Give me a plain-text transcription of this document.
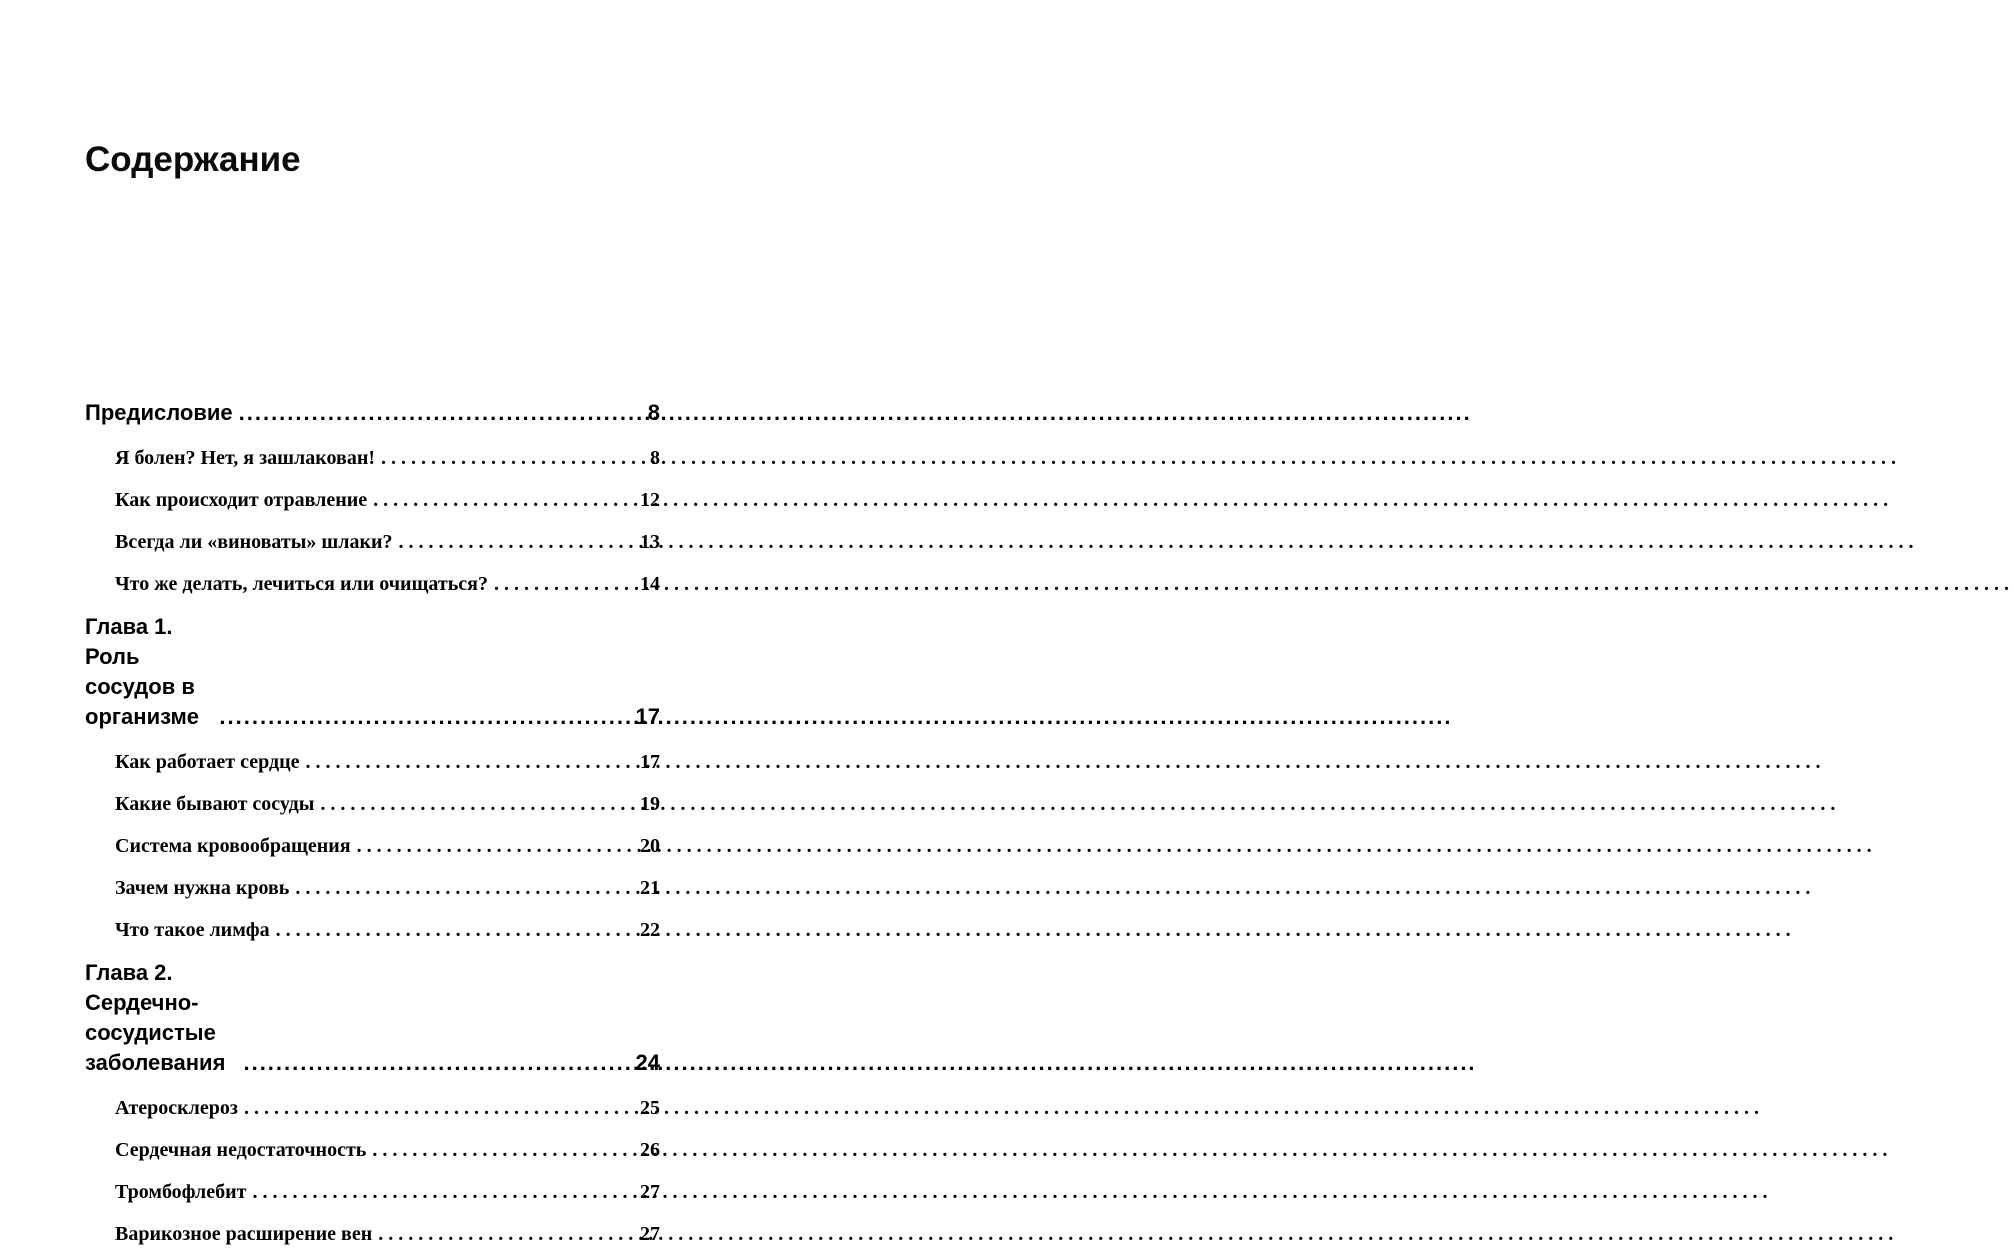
Содержание
Предисловие .....	8
Я болен? Нет, я зашлакован! .....	8
Как происходит отравление .....	12
Всегда ли «виноваты» шлаки? .....	13
Что же делать, лечиться или очищаться? .....	14
Глава 1. Роль сосудов в организме .....	17
Как работает сердце .....	17
Какие бывают сосуды .....	19
Система кровообращения .....	20
Зачем нужна кровь .....	21
Что такое лимфа .....	22
Глава 2. Сердечно-сосудистые заболевания .....	24
Атеросклероз .....	25
Сердечная недостаточность .....	26
Тромбофлебит .....	27
Варикозное расширение вен .....	27
